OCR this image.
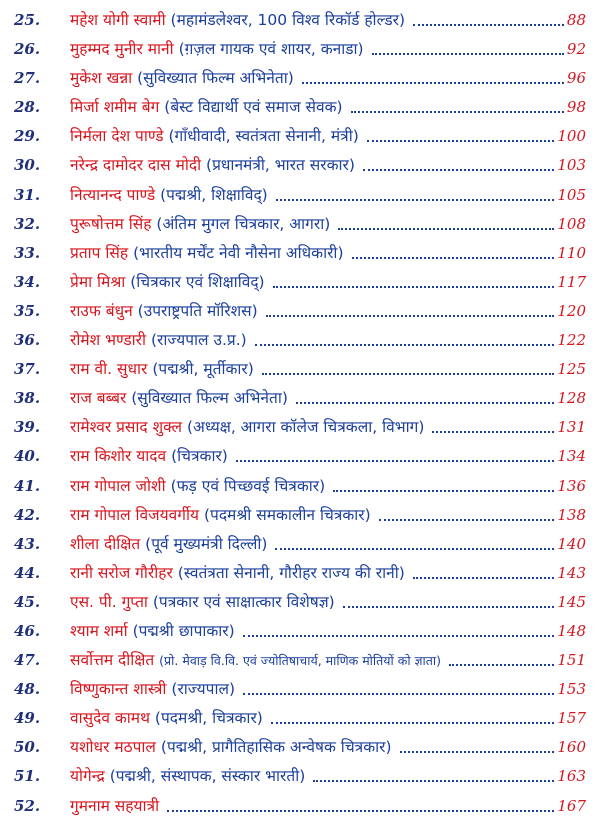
25. महेश योगी स्वामी (महामंडलेश्वर, 100 विश्व रिकॉर्ड होल्डर)	88
26. मुहम्मद मुनीर मानी (ग़ज़ल गायक एवं शायर, कनाडा)	92
27. मुकेश खन्ना (सुविख्यात फिल्म अभिनेता)	96
28. मिर्जा शमीम बेग (बेस्ट विद्यार्थी एवं समाज सेवक)	98
29. निर्मला देश पाण्डे (गाँधीवादी, स्वतंत्रता सेनानी, मंत्री)	100
30. नरेन्द्र दामोदर दास मोदी (प्रधानमंत्री, भारत सरकार)	103
31. नित्यानन्द पाण्डे (पद्मश्री, शिक्षाविद्)	105
32. पुरूषोत्तम सिंह (अंतिम मुगल चित्रकार, आगरा)	108
33. प्रताप सिंह (भारतीय मर्चेंट नेवी नौसेना अधिकारी)	110
34. प्रेमा मिश्रा (चित्रकार एवं शिक्षाविद्)	117
35. राउफ बंधुन (उपराष्ट्रपति मॉरिशस)	120
36. रोमेश भण्डारी (राज्यपाल उ.प्र.)	122
37. राम वी. सुधार (पद्मश्री, मूर्तीकार)	125
38. राज बब्बर (सुविख्यात फिल्म अभिनेता)	128
39. रामेश्वर प्रसाद शुक्ल (अध्यक्ष, आगरा कॉलेज चित्रकला, विभाग)	131
40. राम किशोर यादव (चित्रकार)	134
41. राम गोपाल जोशी (फड़ एवं पिच्छवई चित्रकार)	136
42. राम गोपाल विजयवर्गीय (पदमश्री समकालीन चित्रकार)	138
43. शीला दीक्षित (पूर्व मुख्यमंत्री दिल्ली)	140
44. रानी सरोज गौरीहर (स्वतंत्रता सेनानी, गौरीहर राज्य की रानी)	143
45. एस. पी. गुप्ता (पत्रकार एवं साक्षात्कार विशेषज्ञ)	145
46. श्याम शर्मा (पद्मश्री छापाकार)	148
47. सर्वोत्तम दीक्षित (प्रो. मेवाड़ वि.वि. एवं ज्योतिषाचार्य, माणिक मोतियों को ज्ञाता)	151
48. विष्णुकान्त शास्त्री (राज्यपाल)	153
49. वासुदेव कामथ (पदमश्री, चित्रकार)	157
50. यशोधर मठपाल (पद्मश्री, प्रागैतिहासिक अन्वेषक चित्रकार)	160
51. योगेन्द्र (पद्मश्री, संस्थापक, संस्कार भारती)	163
52. गुमनाम सहयात्री	167
